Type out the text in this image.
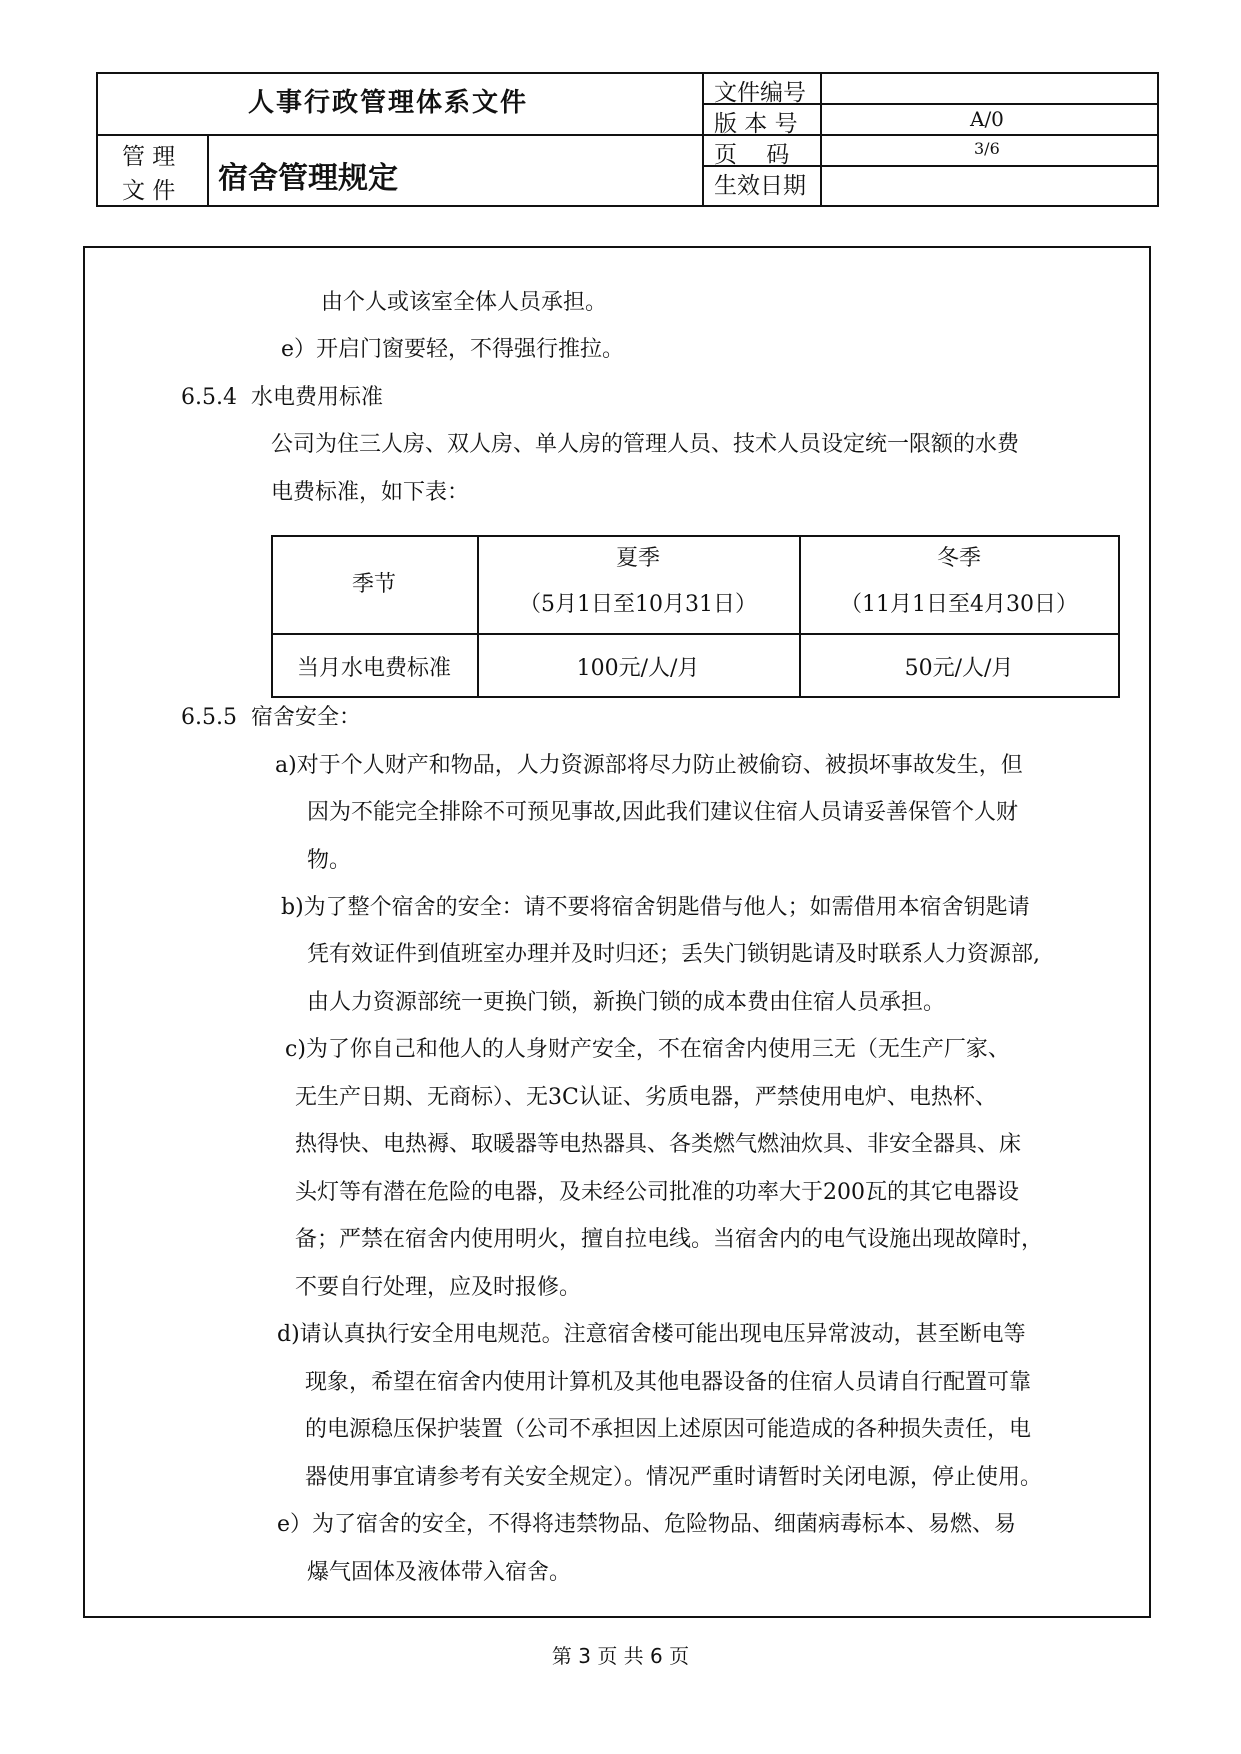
人事行政管理体系文件
管 理
文 件 宿舍管理规定
文件编号
版 本 号
页    码
生效日期
A/0
3/6
由个人或该室全体人员承担。
e）开启门窗要轻，不得强行推拉。
6.5.4  水电费用标准
公司为住三人房、双人房、单人房的管理人员、技术人员设定统一限额的水费
电费标准，如下表：
季节
夏季
（5月1日至10月31日）
冬季
（11月1日至4月30日）
当月水电费标准	100元/人/月	50元/人/月
6.5.5  宿舍安全：
a)对于个人财产和物品，人力资源部将尽力防止被偷窃、被损坏事故发生，但
因为不能完全排除不可预见事故,因此我们建议住宿人员请妥善保管个人财
物。
b)为了整个宿舍的安全：请不要将宿舍钥匙借与他人；如需借用本宿舍钥匙请
凭有效证件到值班室办理并及时归还；丢失门锁钥匙请及时联系人力资源部,
由人力资源部统一更换门锁，新换门锁的成本费由住宿人员承担。
c)为了你自己和他人的人身财产安全，不在宿舍内使用三无（无生产厂家、
无生产日期、无商标）、无3C认证、劣质电器，严禁使用电炉、电热杯、
热得快、电热褥、取暖器等电热器具、各类燃气燃油炊具、非安全器具、床
头灯等有潜在危险的电器，及未经公司批准的功率大于200瓦的其它电器设
备；严禁在宿舍内使用明火，擅自拉电线。当宿舍内的电气设施出现故障时，
不要自行处理，应及时报修。
d)请认真执行安全用电规范。注意宿舍楼可能出现电压异常波动，甚至断电等
现象，希望在宿舍内使用计算机及其他电器设备的住宿人员请自行配置可靠
的电源稳压保护装置（公司不承担因上述原因可能造成的各种损失责任，电
器使用事宜请参考有关安全规定）。情况严重时请暂时关闭电源，停止使用。
e）为了宿舍的安全，不得将违禁物品、危险物品、细菌病毒标本、易燃、易
爆气固体及液体带入宿舍。
第 3 页 共 6 页
